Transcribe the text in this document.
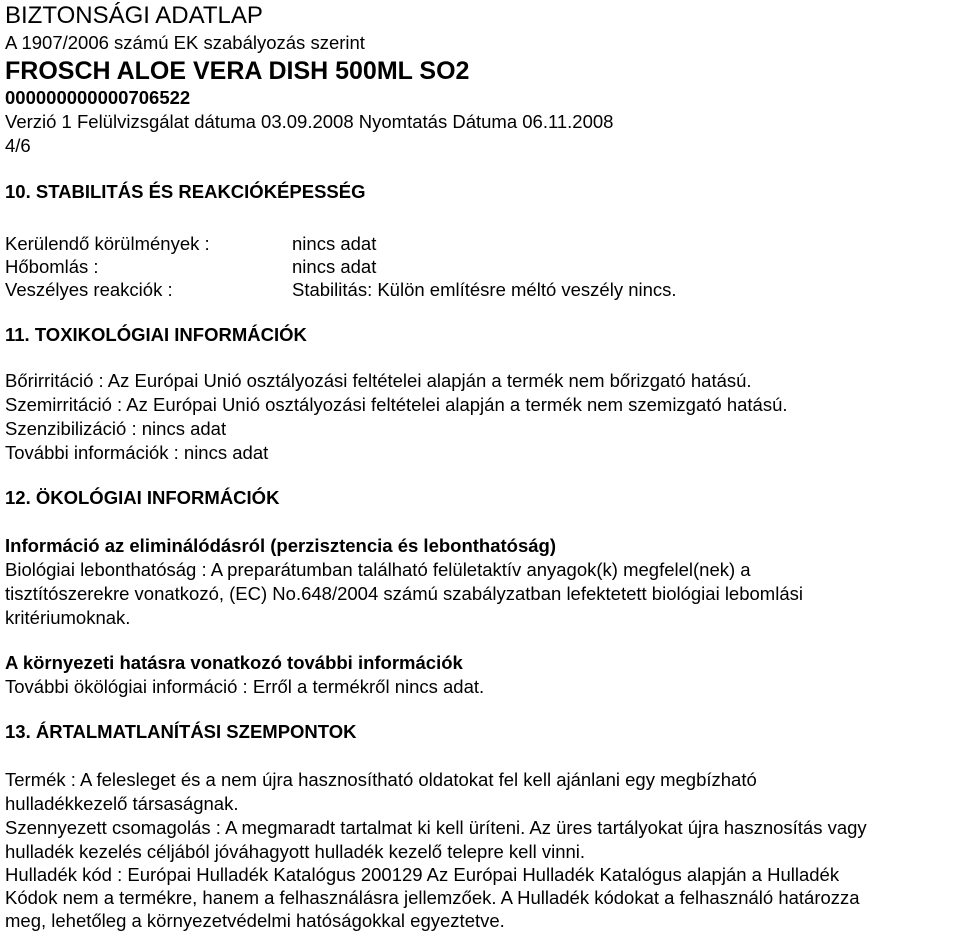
BIZTONSÁGI ADATLAP
A 1907/2006 számú EK szabályozás szerint
FROSCH ALOE VERA DISH 500ML SO2
000000000000706522
Verzió 1 Felülvizsgálat dátuma 03.09.2008 Nyomtatás Dátuma 06.11.2008
4/6
10. STABILITÁS ÉS REAKCIÓKÉPESSÉG
Kerülendő körülmények :	nincs adat
Hőbomlás :	nincs adat
Veszélyes reakciók :	Stabilitás: Külön említésre méltó veszély nincs.
11. TOXIKOLÓGIAI INFORMÁCIÓK
Bőrirritáció : Az Európai Unió osztályozási feltételei alapján a termék nem bőrizgató hatású.
Szemirritáció : Az Európai Unió osztályozási feltételei alapján a termék nem szemizgató hatású.
Szenzibilizáció : nincs adat
További információk : nincs adat
12. ÖKOLÓGIAI INFORMÁCIÓK
Információ az eliminálódásról (perzisztencia és lebonthatóság)
Biológiai lebonthatóság : A preparátumban található felületaktív anyagok(k) megfelel(nek) a
tisztítószerekre vonatkozó, (EC) No.648/2004 számú szabályzatban lefektetett biológiai lebomlási
kritériumoknak.
A környezeti hatásra vonatkozó további információk
További ökölógiai információ : Erről a termékről nincs adat.
13. ÁRTALMATLANÍTÁSI SZEMPONTOK
Termék : A felesleget és a nem újra hasznosítható oldatokat fel kell ajánlani egy megbízható
hulladékkezelő társaságnak.
Szennyezett csomagolás : A megmaradt tartalmat ki kell üríteni. Az üres tartályokat újra hasznosítás vagy
hulladék kezelés céljából jóváhagyott hulladék kezelő telepre kell vinni.
Hulladék kód : Európai Hulladék Katalógus 200129 Az Európai Hulladék Katalógus alapján a Hulladék
Kódok nem a termékre, hanem a felhasználásra jellemzőek. A Hulladék kódokat a felhasználó határozza
meg, lehetőleg a környezetvédelmi hatóságokkal egyeztetve.
